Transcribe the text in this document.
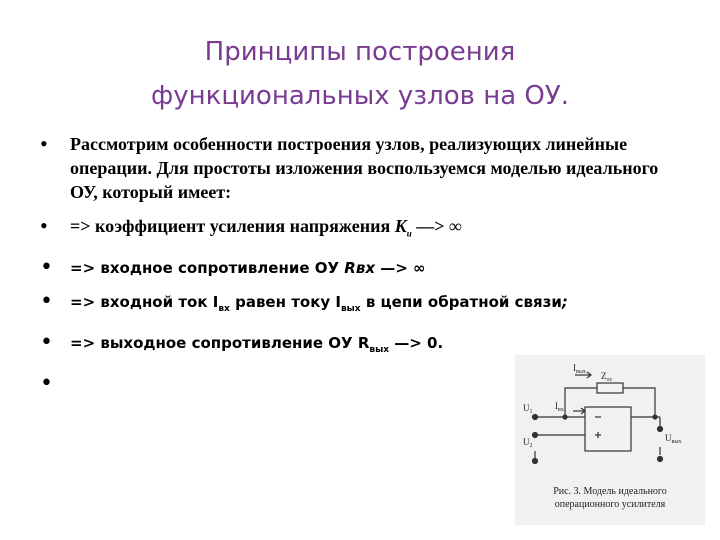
Принципы построения
функциональных узлов на ОУ.
• Рассмотрим особенности построения узлов, реализующих линейные операции. Для простоты изложения воспользуемся моделью идеального ОУ, который имеет:
• => коэффициент усиления напряжения $K_u$ —> ∞
• => входное сопротивление ОУ Rвх —> ∞
• => входной ток $I_{вх}$ равен току $I_{вых}$ в цепи обратной связи;
• => выходное сопротивление ОУ $R_{вых}$ —> 0.
•
$I_{вых}$ $Z_{ос}$
$U_1$
$U_2$
$I_{вх}$
$U_{вых}$
Рис. 3. Модель идеального
операционного усилителя
